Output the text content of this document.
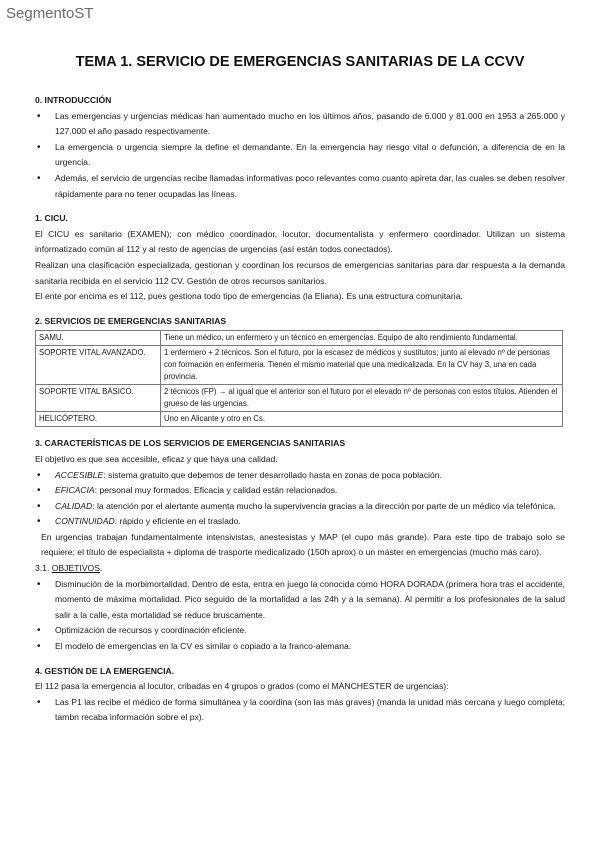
SegmentoST
TEMA 1. SERVICIO DE EMERGENCIAS SANITARIAS DE LA CCVV

0. INTRODUCCIÓN

• Las emergencias y urgencias médicas han aumentado mucho en los últimos años, pasando de 6.000 y 81.000 en 1953 a 265.000 y 127.000 el año pasado respectivamente.
• La emergencia o urgencia siempre la define el demandante. En la emergencia hay riesgo vital o defunción, a diferencia de en la urgencia.
• Además, el servicio de urgencias recibe llamadas informativas poco relevantes como cuanto apireta dar, las cuales se deben resolver rápidamente para no tener ocupadas las líneas.

1. CICU.

El CICU es sanitario (EXAMEN); con médico coordinador, locutor, documentalista y enfermero coordinador. Utilizan un sistema informatizado común al 112 y al resto de agencias de urgencias (así están todos conectados).

Realizan una clasificación especializada, gestionan y coordinan los recursos de emergencias sanitarias para dar respuesta a la demanda sanitaria recibida en el servicio 112 CV. Gestión de otros recursos sanitarios.

El ente por encima es el 112, pues gestiona todo tipo de emergencias (la Eliana). Es una estructura comunitaria.

2. SERVICIOS DE EMERGENCIAS SANITARIAS

SAMU.	Tiene un médico, un enfermero y un técnico en emergencias. Equipo de alto rendimiento fundamental.
SOPORTE VITAL AVANZADO.	1 enfermero + 2 técnicos. Son el futuro, por la escasez de médicos y sustitutos; junto al elevado nº de personas con formación en enfermería. Tienen el mismo material que una medicalizada. En la CV hay 3, una en cada provincia.
SOPORTE VITAL BÁSICO.	2 técnicos (FP) → al igual que el anterior son el futuro por el elevado nº de personas con estos títulos. Atienden el grueso de las urgencias.
HELICÓPTERO.	Uno en Alicante y otro en Cs.

3. CARACTERÍSTICAS DE LOS SERVICIOS DE EMERGENCIAS SANITARIAS

El objetivo es que sea accesible, eficaz y que haya una calidad.

• ACCESIBLE: sistema gratuito que debemos de tener desarrollado hasta en zonas de poca población.
• EFICACIA: personal muy formados. Eficacia y calidad están relacionados.
• CALIDAD: la atención por el alertante aumenta mucho la supervivencia gracias a la dirección por parte de un médico vía telefónica.
• CONTINUIDAD: rápido y eficiente en el traslado.

En urgencias trabajan fundamentalmente intensivistas, anestesistas y MAP (el cupo más grande). Para este tipo de trabajo solo se requiere: el título de especialista + diploma de trasporte medicalizado (150h aprox) o un máster en emergencias (mucho más caro).

3.1. OBJETIVOS.

• Disminución de la morbimortalidad. Dentro de esta, entra en juego la conocida como HORA DORADA (primera hora tras el accidente, momento de máxima mortalidad. Pico seguido de la mortalidad a las 24h y a la semana). Al permitir a los profesionales de la salud salir a la calle, esta mortalidad se reduce bruscamente.
• Optimización de recursos y coordinación eficiente.
• El modelo de emergencias en la CV es similar o copiado a la franco-alemana.

4. GESTIÓN DE LA EMERGENCIA.

El 112 pasa la emergencia al locutor, cribadas en 4 grupos o grados (como el MÁNCHESTER de urgencias):

• Las P1 las recibe el médico de forma simultánea y la coordina (son las más graves) (manda la unidad más cercana y luego completa; tambn recaba información sobre el px).
